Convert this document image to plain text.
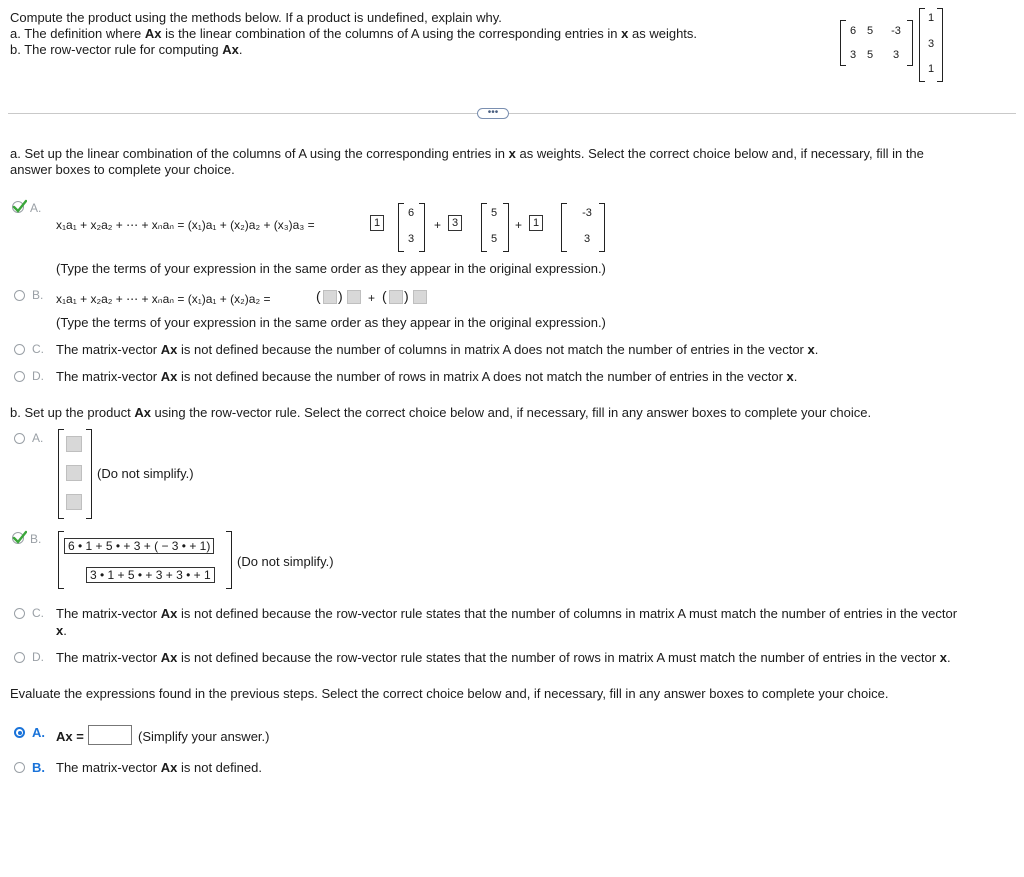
Compute the product using the methods below. If a product is undefined, explain why.
a. The definition where Ax is the linear combination of the columns of A using the corresponding entries in x as weights.
b. The row-vector rule for computing Ax.
6 5	-3
3 5	3
1
3
1
•••
a. Set up the linear combination of the columns of A using the corresponding entries in x as weights. Select the correct choice below and, if necessary, fill in the
answer boxes to complete your choice.
A.
x₁a₁ + x₂a₂ + ⋯ + xₙaₙ = (x₁)a₁ + (x₂)a₂ + (x₃)a₃ =	1
6
3
+ 3
5
5
+ 1
-3
3
(Type the terms of your expression in the same order as they appear in the original expression.)
B. x₁a₁ + x₂a₂ + ⋯ + xₙaₙ = (x₁)a₁ + (x₂)a₂ =	( ) + ( )
(Type the terms of your expression in the same order as they appear in the original expression.)
C. The matrix-vector Ax is not defined because the number of columns in matrix A does not match the number of entries in the vector x.
D. The matrix-vector Ax is not defined because the number of rows in matrix A does not match the number of entries in the vector x.
b. Set up the product Ax using the row-vector rule. Select the correct choice below and, if necessary, fill in any answer boxes to complete your choice.
A.
(Do not simplify.)
B.	6 • 1 + 5 • + 3 + ( − 3 • + 1)
3 • 1 + 5 • + 3 + 3 • + 1
(Do not simplify.)
C. The matrix-vector Ax is not defined because the row-vector rule states that the number of columns in matrix A must match the number of entries in the vector
x.
D. The matrix-vector Ax is not defined because the row-vector rule states that the number of rows in matrix A must match the number of entries in the vector x.
Evaluate the expressions found in the previous steps. Select the correct choice below and, if necessary, fill in any answer boxes to complete your choice.
A. Ax =	(Simplify your answer.)
B. The matrix-vector Ax is not defined.
